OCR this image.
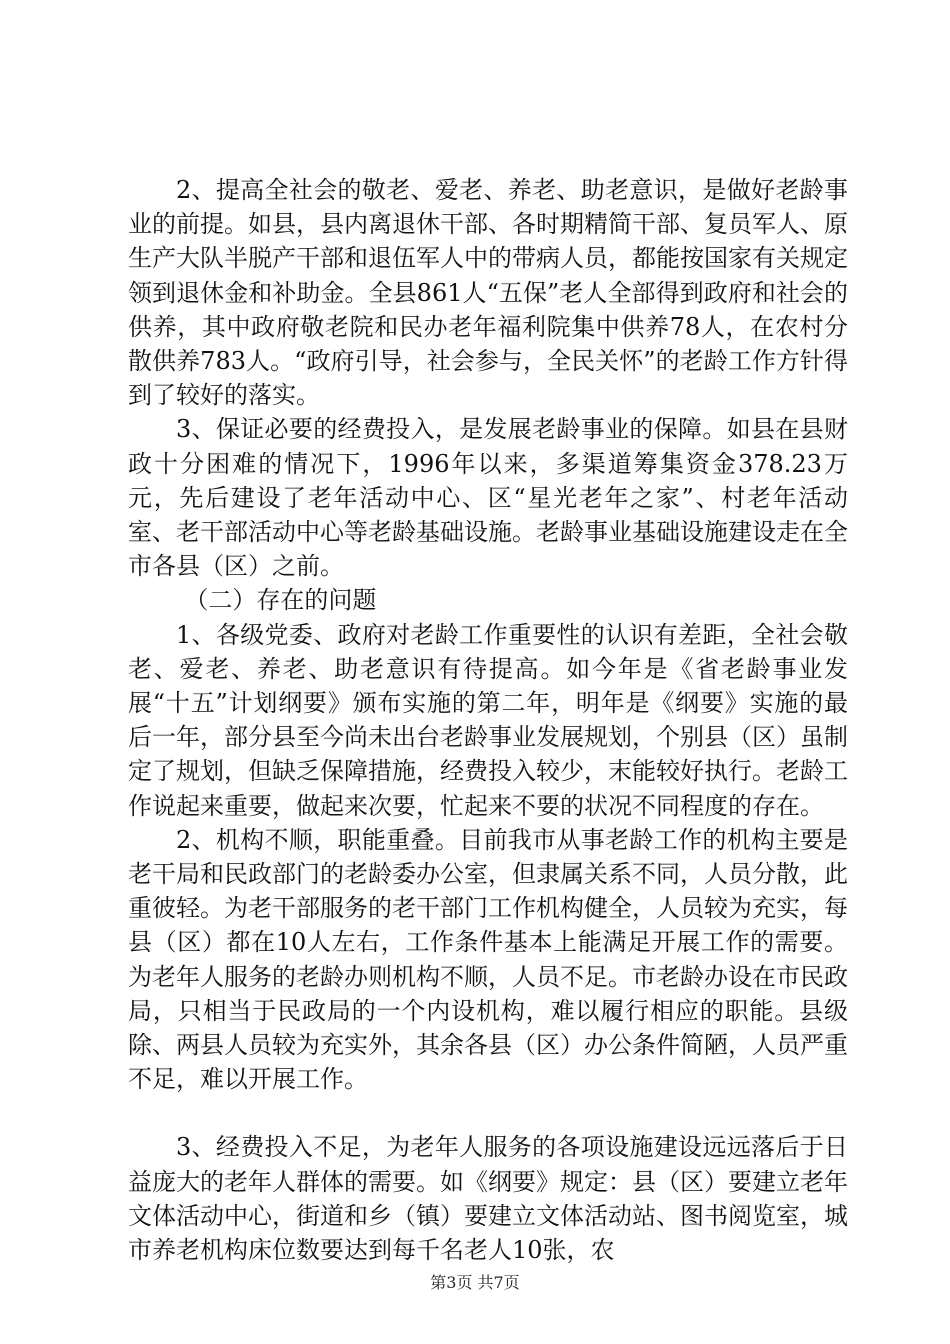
2、提高全社会的敬老、爱老、养老、助老意识，是做好老龄事业的前提。如县，县内离退休干部、各时期精简干部、复员军人、原生产大队半脱产干部和退伍军人中的带病人员，都能按国家有关规定领到退休金和补助金。全县861人“五保”老人全部得到政府和社会的供养，其中政府敬老院和民办老年福利院集中供养78人，在农村分散供养783人。“政府引导，社会参与，全民关怀”的老龄工作方针得到了较好的落实。

3、保证必要的经费投入，是发展老龄事业的保障。如县在县财政十分困难的情况下，1996年以来，多渠道筹集资金378.23万元，先后建设了老年活动中心、区“星光老年之家”、村老年活动室、老干部活动中心等老龄基础设施。老龄事业基础设施建设走在全市各县（区）之前。

（二）存在的问题

1、各级党委、政府对老龄工作重要性的认识有差距，全社会敬老、爱老、养老、助老意识有待提高。如今年是《省老龄事业发展“十五”计划纲要》颁布实施的第二年，明年是《纲要》实施的最后一年，部分县至今尚未出台老龄事业发展规划，个别县（区）虽制定了规划，但缺乏保障措施，经费投入较少，末能较好执行。老龄工作说起来重要，做起来次要，忙起来不要的状况不同程度的存在。

2、机构不顺，职能重叠。目前我市从事老龄工作的机构主要是老干局和民政部门的老龄委办公室，但隶属关系不同，人员分散，此重彼轻。为老干部服务的老干部门工作机构健全，人员较为充实，每县（区）都在10人左右，工作条件基本上能满足开展工作的需要。为老年人服务的老龄办则机构不顺，人员不足。市老龄办设在市民政局，只相当于民政局的一个内设机构，难以履行相应的职能。县级除、两县人员较为充实外，其余各县（区）办公条件简陋，人员严重不足，难以开展工作。

3、经费投入不足，为老年人服务的各项设施建设远远落后于日益庞大的老年人群体的需要。如《纲要》规定：县（区）要建立老年文体活动中心，街道和乡（镇）要建立文体活动站、图书阅览室，城市养老机构床位数要达到每千名老人10张，农

第3页 共7页
